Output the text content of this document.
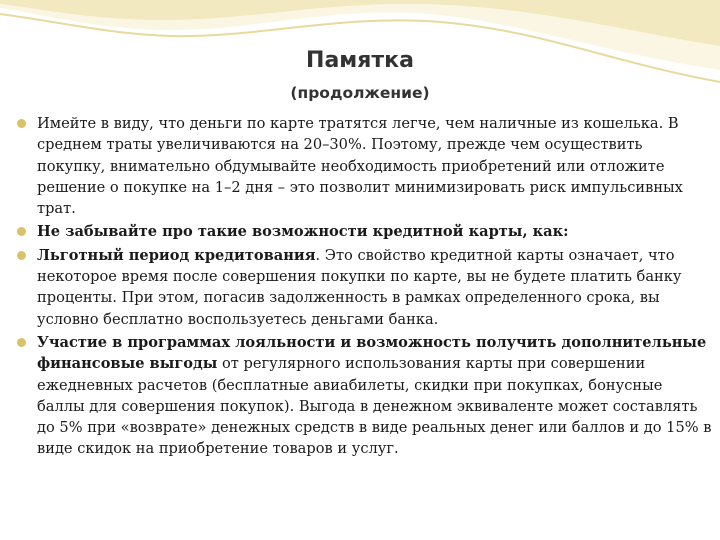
Памятка
(продолжение)
Имейте в виду, что деньги по карте тратятся легче, чем наличные из кошелька. В среднем траты увеличиваются на 20–30%. Поэтому, прежде чем осуществить покупку, внимательно обдумывайте необходимость приобретений или отложите решение о покупке на 1–2 дня – это позволит минимизировать риск импульсивных трат.
Не забывайте про такие возможности кредитной карты, как:
Льготный период кредитования. Это свойство кредитной карты означает, что некоторое время после совершения покупки по карте, вы не будете платить банку проценты. При этом, погасив задолженность в рамках определенного срока, вы условно бесплатно воспользуетесь деньгами банка.
Участие в программах лояльности и возможность получить дополнительные финансовые выгоды от регулярного использования карты при совершении ежедневных расчетов (бесплатные авиабилеты, скидки при покупках, бонусные баллы для совершения покупок). Выгода в денежном эквиваленте может составлять до 5% при «возврате» денежных средств в виде реальных денег или баллов и до 15% в виде скидок на приобретение товаров и услуг.
